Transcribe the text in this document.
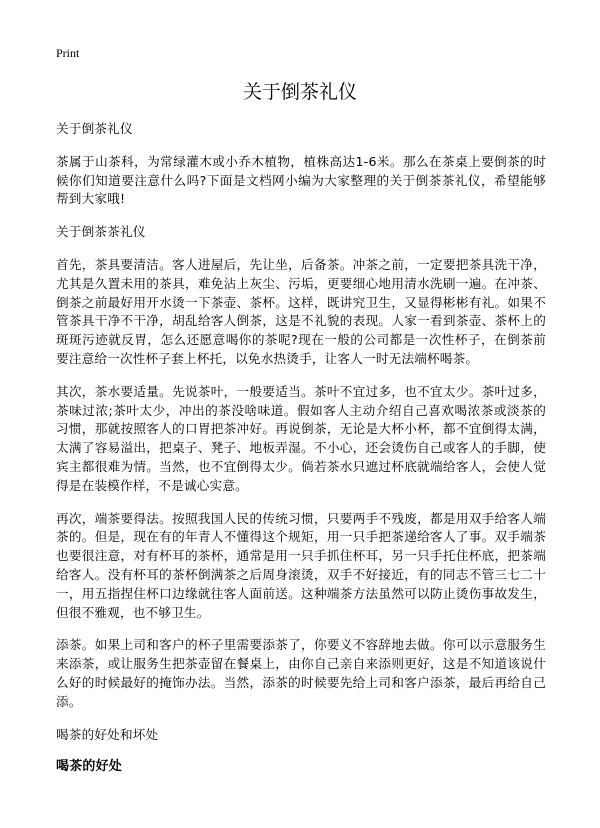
Print
关于倒茶礼仪

关于倒茶礼仪

茶属于山茶科，为常绿灌木或小乔木植物，植株高达1-6米。那么在茶桌上要倒茶的时候你们知道要注意什么吗?下面是文档网小编为大家整理的关于倒茶茶礼仪，希望能够帮到大家哦!

关于倒茶茶礼仪

首先，茶具要清洁。客人进屋后，先让坐，后备茶。冲茶之前，一定要把茶具洗干净，尤其是久置未用的茶具，难免沾上灰尘、污垢，更要细心地用清水洗刷一遍。在冲茶、倒茶之前最好用开水烫一下茶壶、茶杯。这样，既讲究卫生，又显得彬彬有礼。如果不管茶具干净不干净，胡乱给客人倒茶，这是不礼貌的表现。人家一看到茶壶、茶杯上的斑斑污迹就反胃，怎么还愿意喝你的茶呢?现在一般的公司都是一次性杯子，在倒茶前要注意给一次性杯子套上杯托，以免水热烫手，让客人一时无法端杯喝茶。

其次，茶水要适量。先说茶叶，一般要适当。茶叶不宜过多，也不宜太少。茶叶过多，茶味过浓;茶叶太少，冲出的茶没啥味道。假如客人主动介绍自己喜欢喝浓茶或淡茶的习惯，那就按照客人的口胃把茶冲好。再说倒茶，无论是大杯小杯，都不宜倒得太满，太满了容易溢出，把桌子、凳子、地板弄湿。不小心，还会烫伤自己或客人的手脚，使宾主都很难为情。当然，也不宜倒得太少。倘若茶水只遮过杯底就端给客人，会使人觉得是在装模作样，不是诚心实意。

再次，端茶要得法。按照我国人民的传统习惯，只要两手不残废，都是用双手给客人端茶的。但是，现在有的年青人不懂得这个规矩，用一只手把茶递给客人了事。双手端茶也要很注意，对有杯耳的茶杯，通常是用一只手抓住杯耳，另一只手托住杯底，把茶端给客人。没有杯耳的茶杯倒满茶之后周身滚烫，双手不好接近，有的同志不管三七二十一，用五指捏住杯口边缘就往客人面前送。这种端茶方法虽然可以防止烫伤事故发生，但很不雅观，也不够卫生。

添茶。如果上司和客户的杯子里需要添茶了，你要义不容辞地去做。你可以示意服务生来添茶，或让服务生把茶壶留在餐桌上，由你自己亲自来添则更好，这是不知道该说什么好的时候最好的掩饰办法。当然，添茶的时候要先给上司和客户添茶，最后再给自己添。

喝茶的好处和坏处

喝茶的好处
